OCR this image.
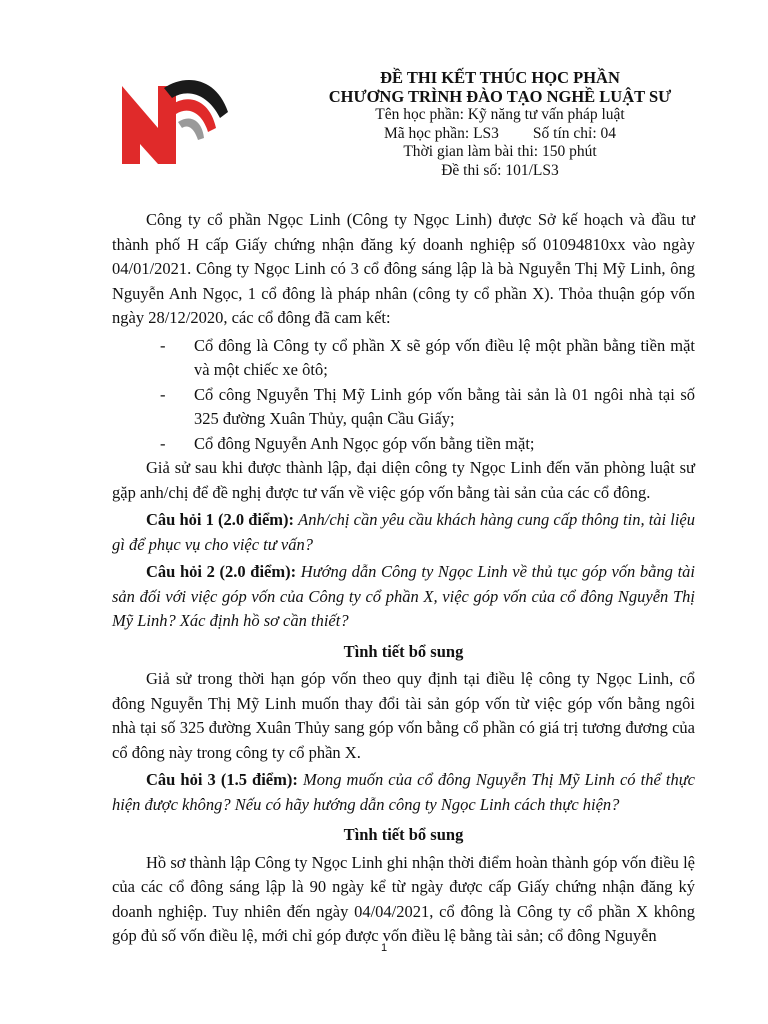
ĐỀ THI KẾT THÚC HỌC PHẦN
CHƯƠNG TRÌNH ĐÀO TẠO NGHỀ LUẬT SƯ
Tên học phần: Kỹ năng tư vấn pháp luật
Mã học phần: LS3 Số tín chỉ: 04
Thời gian làm bài thi: 150 phút
Đề thi số: 101/LS3

Công ty cổ phần Ngọc Linh (Công ty Ngọc Linh) được Sở kế hoạch và đầu tư thành phố H cấp Giấy chứng nhận đăng ký doanh nghiệp số 01094810xx vào ngày 04/01/2021. Công ty Ngọc Linh có 3 cổ đông sáng lập là bà Nguyễn Thị Mỹ Linh, ông Nguyễn Anh Ngọc, 1 cổ đông là pháp nhân (công ty cổ phần X). Thỏa thuận góp vốn ngày 28/12/2020, các cổ đông đã cam kết:

- Cổ đông là Công ty cổ phần X sẽ góp vốn điều lệ một phần bằng tiền mặt và một chiếc xe ôtô;
- Cổ công Nguyễn Thị Mỹ Linh góp vốn bằng tài sản là 01 ngôi nhà tại số 325 đường Xuân Thủy, quận Cầu Giấy;
- Cổ đông Nguyễn Anh Ngọc góp vốn bằng tiền mặt;

Giả sử sau khi được thành lập, đại diện công ty Ngọc Linh đến văn phòng luật sư gặp anh/chị để đề nghị được tư vấn về việc góp vốn bằng tài sản của các cổ đông.

Câu hỏi 1 (2.0 điểm): Anh/chị cần yêu cầu khách hàng cung cấp thông tin, tài liệu gì để phục vụ cho việc tư vấn?

Câu hỏi 2 (2.0 điểm): Hướng dẫn Công ty Ngọc Linh về thủ tục góp vốn bằng tài sản đối với việc góp vốn của Công ty cổ phần X, việc góp vốn của cổ đông Nguyễn Thị Mỹ Linh? Xác định hồ sơ cần thiết?

Tình tiết bổ sung

Giả sử trong thời hạn góp vốn theo quy định tại điều lệ công ty Ngọc Linh, cổ đông Nguyễn Thị Mỹ Linh muốn thay đổi tài sản góp vốn từ việc góp vốn bằng ngôi nhà tại số 325 đường Xuân Thủy sang góp vốn bằng cổ phần có giá trị tương đương của cổ đông này trong công ty cổ phần X.

Câu hỏi 3 (1.5 điểm): Mong muốn của cổ đông Nguyễn Thị Mỹ Linh có thể thực hiện được không? Nếu có hãy hướng dẫn công ty Ngọc Linh cách thực hiện?

Tình tiết bổ sung

Hồ sơ thành lập Công ty Ngọc Linh ghi nhận thời điểm hoàn thành góp vốn điều lệ của các cổ đông sáng lập là 90 ngày kể từ ngày được cấp Giấy chứng nhận đăng ký doanh nghiệp. Tuy nhiên đến ngày 04/04/2021, cổ đông là Công ty cổ phần X không góp đủ số vốn điều lệ, mới chỉ góp được vốn điều lệ bằng tài sản; cổ đông Nguyễn

1
